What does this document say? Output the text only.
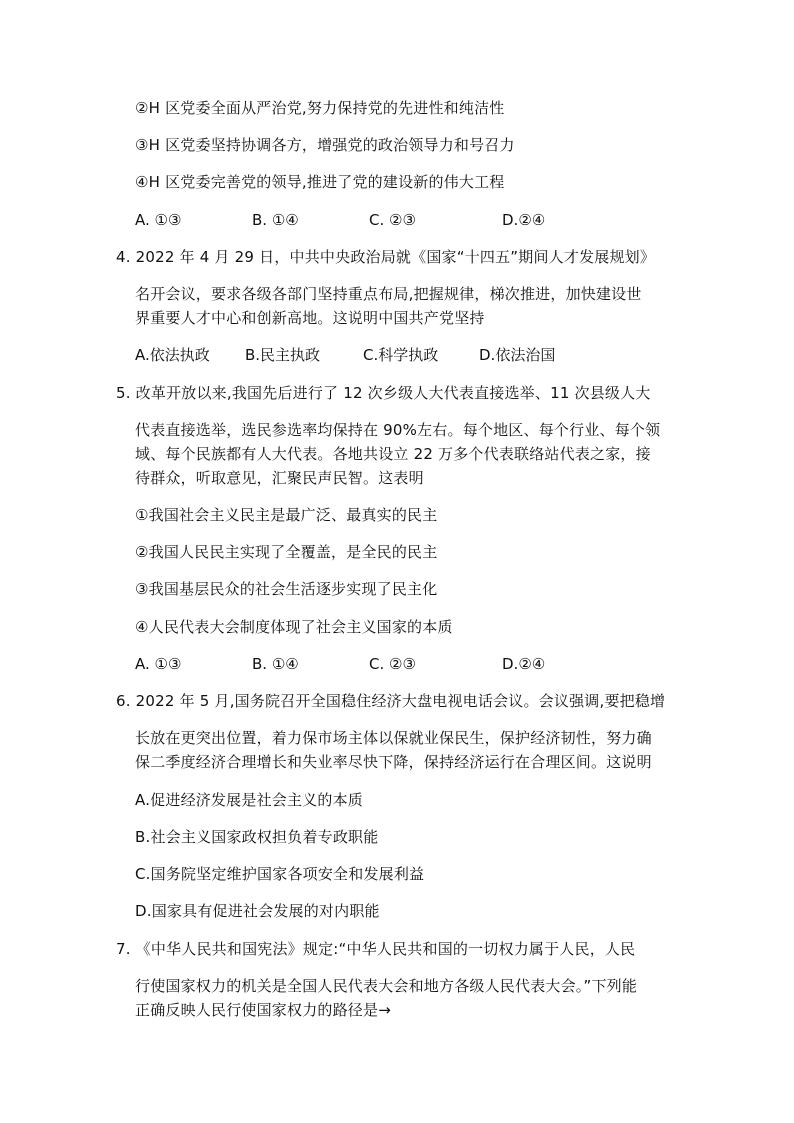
②H 区党委全面从严治党,努力保持党的先进性和纯洁性
③H 区党委坚持协调各方，增强党的政治领导力和号召力
④H 区党委完善党的领导,推进了党的建设新的伟大工程
A. ①③	B. ①④	C. ②③	D.②④
4. 2022 年 4 月 29 日，中共中央政治局就《国家“十四五”期间人才发展规划》
名开会议，要求各级各部门坚持重点布局,把握规律，梯次推进，加快建设世
界重要人才中心和创新高地。这说明中国共产党坚持
A.依法执政 B.民主执政	C.科学执政	D.依法治国
5. 改革开放以来,我国先后进行了 12 次乡级人大代表直接选举、11 次县级人大
代表直接选举，选民参选率均保持在 90%左右。每个地区、每个行业、每个领
域、每个民族都有人大代表。各地共设立 22 万多个代表联络站代表之家，接
待群众，听取意见，汇聚民声民智。这表明
①我国社会主义民主是最广泛、最真实的民主
②我国人民民主实现了全覆盖，是全民的民主
③我国基层民众的社会生活逐步实现了民主化
④人民代表大会制度体现了社会主义国家的本质
A. ①③	B. ①④	C. ②③	D.②④
6. 2022 年 5 月,国务院召开全国稳住经济大盘电视电话会议。会议强调,要把稳增
长放在更突出位置，着力保市场主体以保就业保民生，保护经济韧性，努力确
保二季度经济合理增长和失业率尽快下降，保持经济运行在合理区间。这说明
A.促进经济发展是社会主义的本质
B.社会主义国家政权担负着专政职能
C.国务院坚定维护国家各项安全和发展利益
D.国家具有促进社会发展的对内职能
7. 《中华人民共和国宪法》规定:“中华人民共和国的一切权力属于人民，人民
行使国家权力的机关是全国人民代表大会和地方各级人民代表大会。”下列能
正确反映人民行使国家权力的路径是→
